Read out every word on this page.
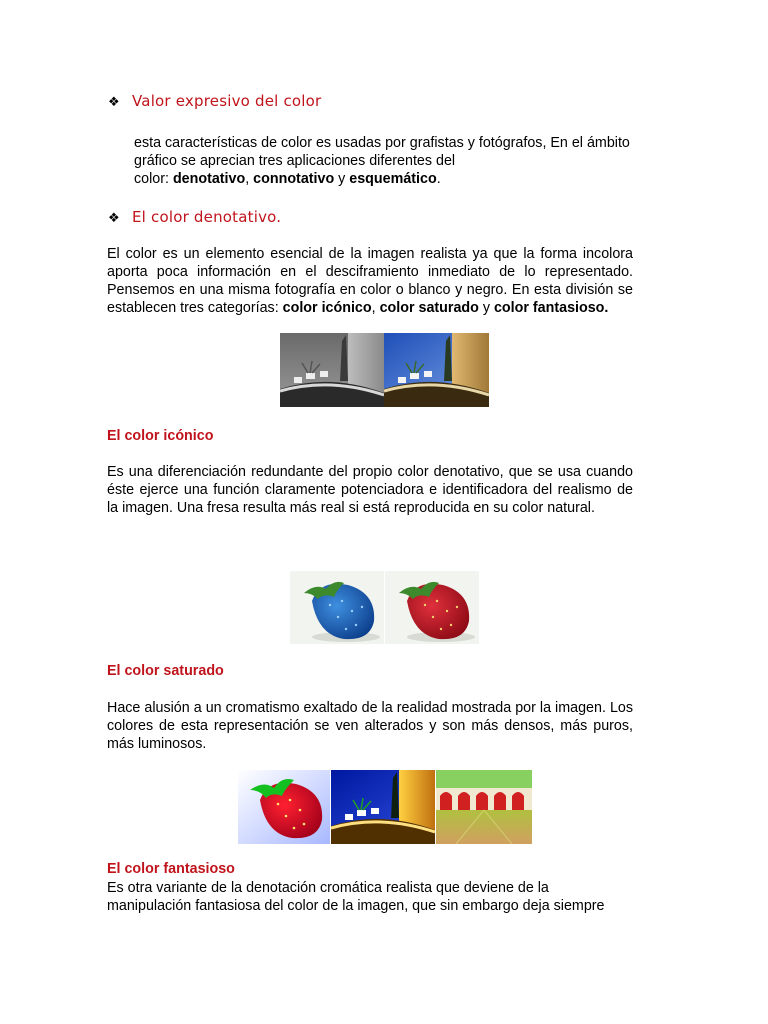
❖ Valor expresivo del color
esta características de color es usadas por grafistas y fotógrafos, En el ámbito
gráfico se aprecian tres aplicaciones diferentes del
color: denotativo, connotativo y esquemático.
❖ El color denotativo.
El color es un elemento esencial de la imagen realista ya que la forma incolora aporta poca información en el desciframiento inmediato de lo representado. Pensemos en una misma fotografía en color o blanco y negro. En esta división se establecen tres categorías: color icónico, color saturado y color fantasioso.
El color icónico
Es una diferenciación redundante del propio color denotativo, que se usa cuando éste ejerce una función claramente potenciadora e identificadora del realismo de la imagen. Una fresa resulta más real si está reproducida en su color natural.
El color saturado
Hace alusión a un cromatismo exaltado de la realidad mostrada por la imagen. Los colores de esta representación se ven alterados y son más densos, más puros, más luminosos.
El color fantasioso
Es otra variante de la denotación cromática realista que deviene de la
manipulación fantasiosa del color de la imagen, que sin embargo deja siempre
